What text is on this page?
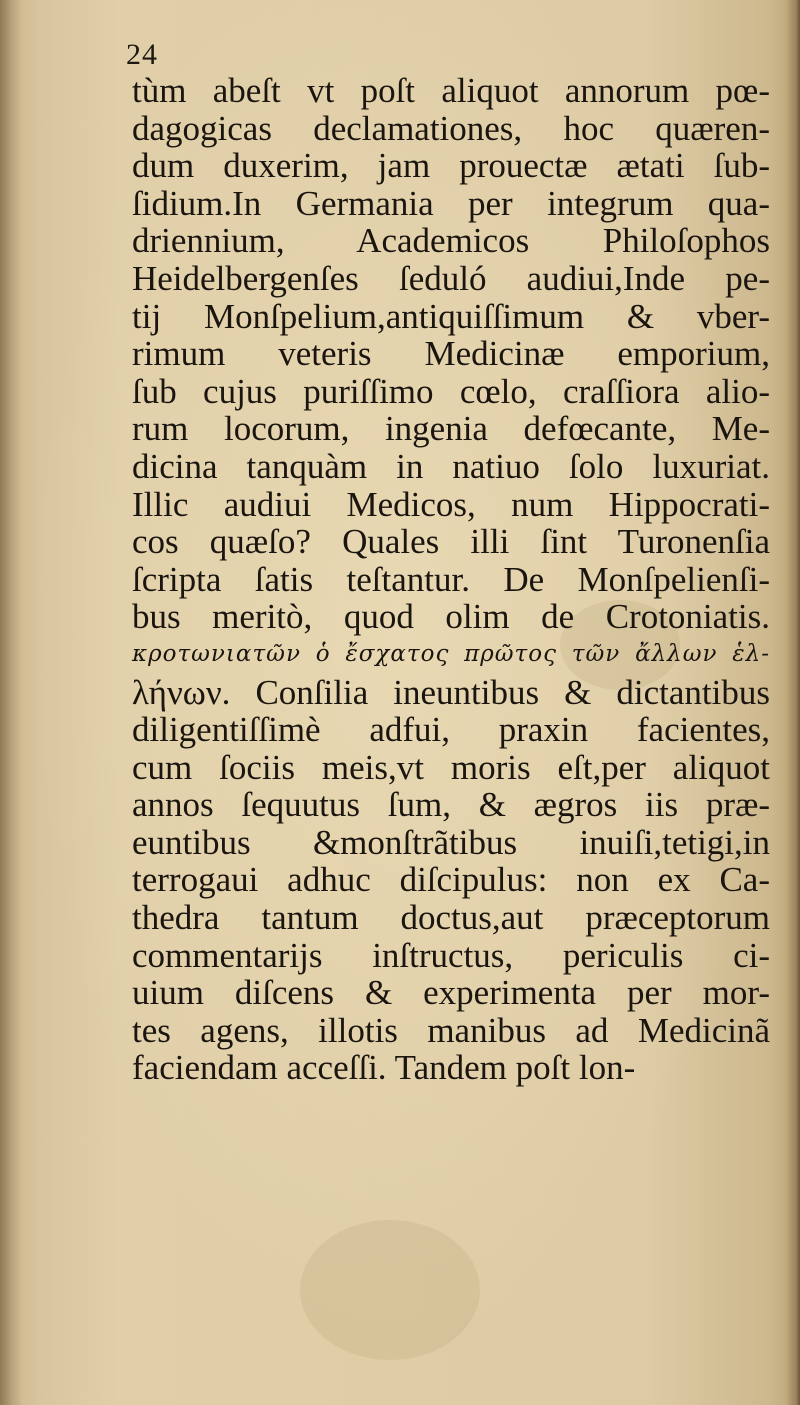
24
tùm abeſt vt poſt aliquot annorum pœ-
dagogicas declamationes, hoc quæren-
dum duxerim, jam prouectæ ætati ſub-
ſidium.In Germania per integrum qua-
driennium, Academicos Philoſophos
Heidelbergenſes ſeduló audiui,Inde pe-
tij Monſpelium,antiquiſſimum & vber-
rimum veteris Medicinæ emporium,
ſub cujus puriſſimo cœlo, craſſiora alio-
rum locorum, ingenia defœcante, Me-
dicina tanquàm in natiuo ſolo luxuriat.
Illic audiui Medicos, num Hippocrati-
cos quæſo? Quales illi ſint Turonenſia
ſcripta ſatis teſtantur. De Monſpelienſi-
bus meritò, quod olim de Crotoniatis.
κροτωνιατῶν ὁ ἔσχατος πρῶτος τῶν ἄλλων ἑλ-
λήνων. Conſilia ineuntibus & dictantibus
diligentiſſimè adfui, praxin facientes,
cum ſociis meis,vt moris eſt,per aliquot
annos ſequutus ſum, & ægros iis præ-
euntibus &monſtrãtibus inuiſi,tetigi,in
terrogaui adhuc diſcipulus: non ex Ca-
thedra tantum doctus,aut præceptorum
commentarijs inſtructus, periculis ci-
uium diſcens & experimenta per mor-
tes agens, illotis manibus ad Medicinã
faciendam acceſſi. Tandem poſt lon-
